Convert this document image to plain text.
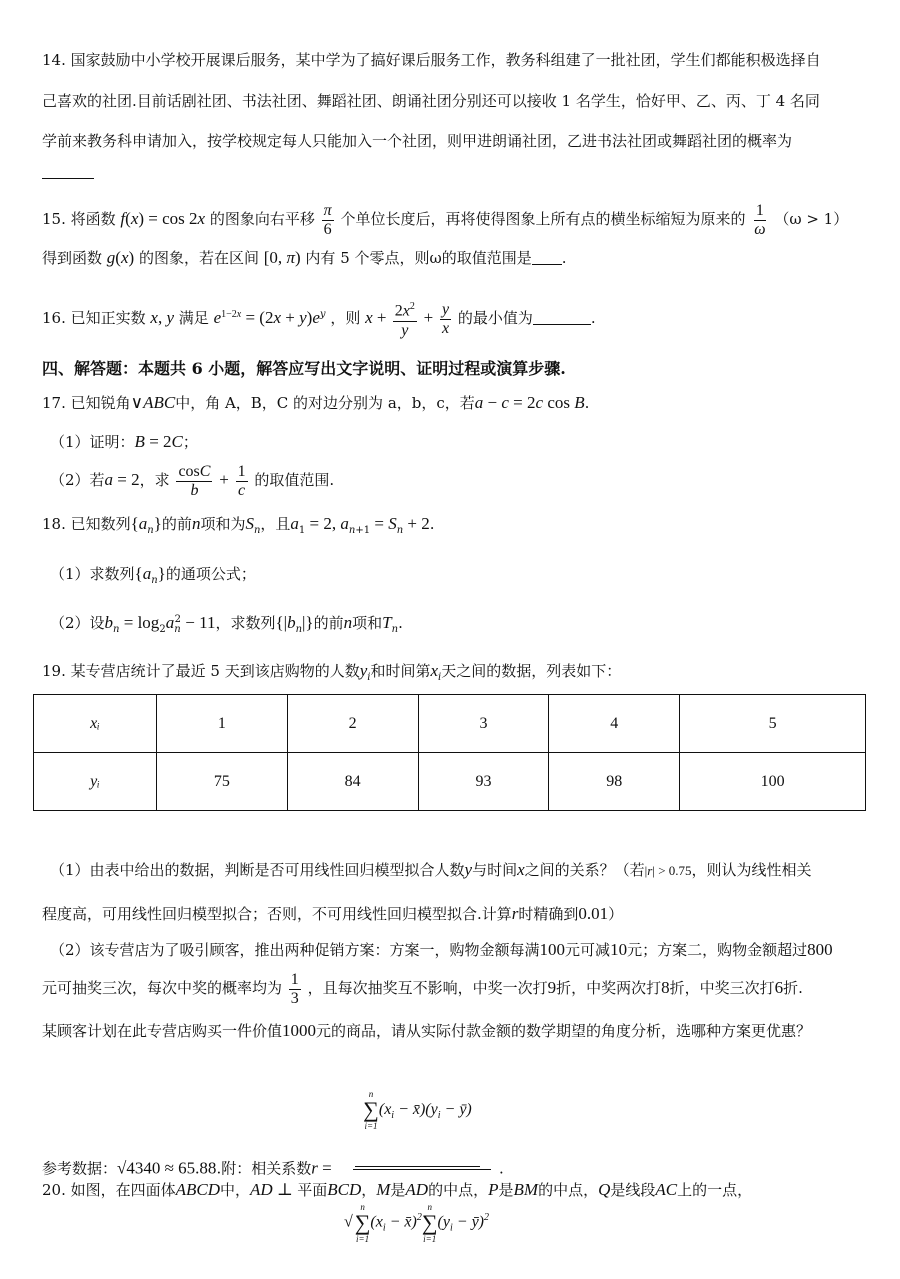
14. 国家鼓励中小学校开展课后服务，某中学为了搞好课后服务工作，教务科组建了一批社团，学生们都能积极选择自
己喜欢的社团.目前话剧社团、书法社团、舞蹈社团、朗诵社团分别还可以接收 1 名学生，恰好甲、乙、丙、丁 4 名同
学前来教务科申请加入，按学校规定每人只能加入一个社团，则甲进朗诵社团，乙进书法社团或舞蹈社团的概率为
15. 将函数 f(x) = cos 2x 的图象向右平移 $\frac{\pi}{6}$ 个单位长度后，再将使得图象上所有点的横坐标缩短为原来的 $\frac{1}{\omega} (\omega > 1)$
得到函数 g(x) 的图象，若在区间 [0, π) 内有 5 个零点，则ω的取值范围是 .
16. 已知正实数 x, y 满足 $e^{1-2x} = (2x + y)e^y$ ，则 $x + \frac{2x^2}{y} + \frac{y}{x}$ 的最小值为	.
四、解答题：本题共 6 小题，解答应写出文字说明、证明过程或演算步骤.
17. 已知锐角∨ABC中，角 A，B，C 的对边分别为 a，b，c，若a − c = 2c cos B.
（1）证明：B = 2C；
（2）若a = 2，求 $\frac{\cos C}{b} + \frac{1}{c}$ 的取值范围.
18. 已知数列$\{a_n\}$的前n项和为$S_n$，且$a_1 = 2$, $a_{n+1} = S_n + 2$.
（1）求数列$\{a_n\}$的通项公式；
（2）设$b_n = \log_2a_n^2 - 11$，求数列$\{|b_n|\}$的前n项和$T_n$.
19. 某专营店统计了最近 5 天到该店购物的人数$y_i$和时间第$x_i$天之间的数据，列表如下：
xᵢ	1	2	3	4	5
yᵢ	75	84	93	98	100
（1）由表中给出的数据，判断是否可用线性回归模型拟合人数y与时间x之间的关系？（若|r| > 0.75，则认为线性相关
程度高，可用线性回归模型拟合；否则，不可用线性回归模型拟合.计算r时精确到0.01）
（2）该专营店为了吸引顾客，推出两种促销方案：方案一，购物金额每满100元可减10元；方案二，购物金额超过800
元可抽奖三次，每次中奖的概率均为 $\frac{1}{3}$ ，且每次抽奖互不影响，中奖一次打9折，中奖两次打8折，中奖三次打6折.
某顾客计划在此专营店购买一件价值1000元的商品，请从实际付款金额的数学期望的角度分析，选哪种方案更优惠？
参考数据：√4340 ≈ 65.88.附：相关系数r = n
∑
i=1
($x_i$ − $x̄)(y_i$ − ȳ)
√
n
∑
i=1
($x_i$ − x̄)$^2$
n
∑
i=1
($y_i$ − ȳ)$^2$ .
20. 如图，在四面体ABCD中，AD ⊥ 平面BCD，M是AD的中点，P是BM的中点，Q是线段AC上的一点，
